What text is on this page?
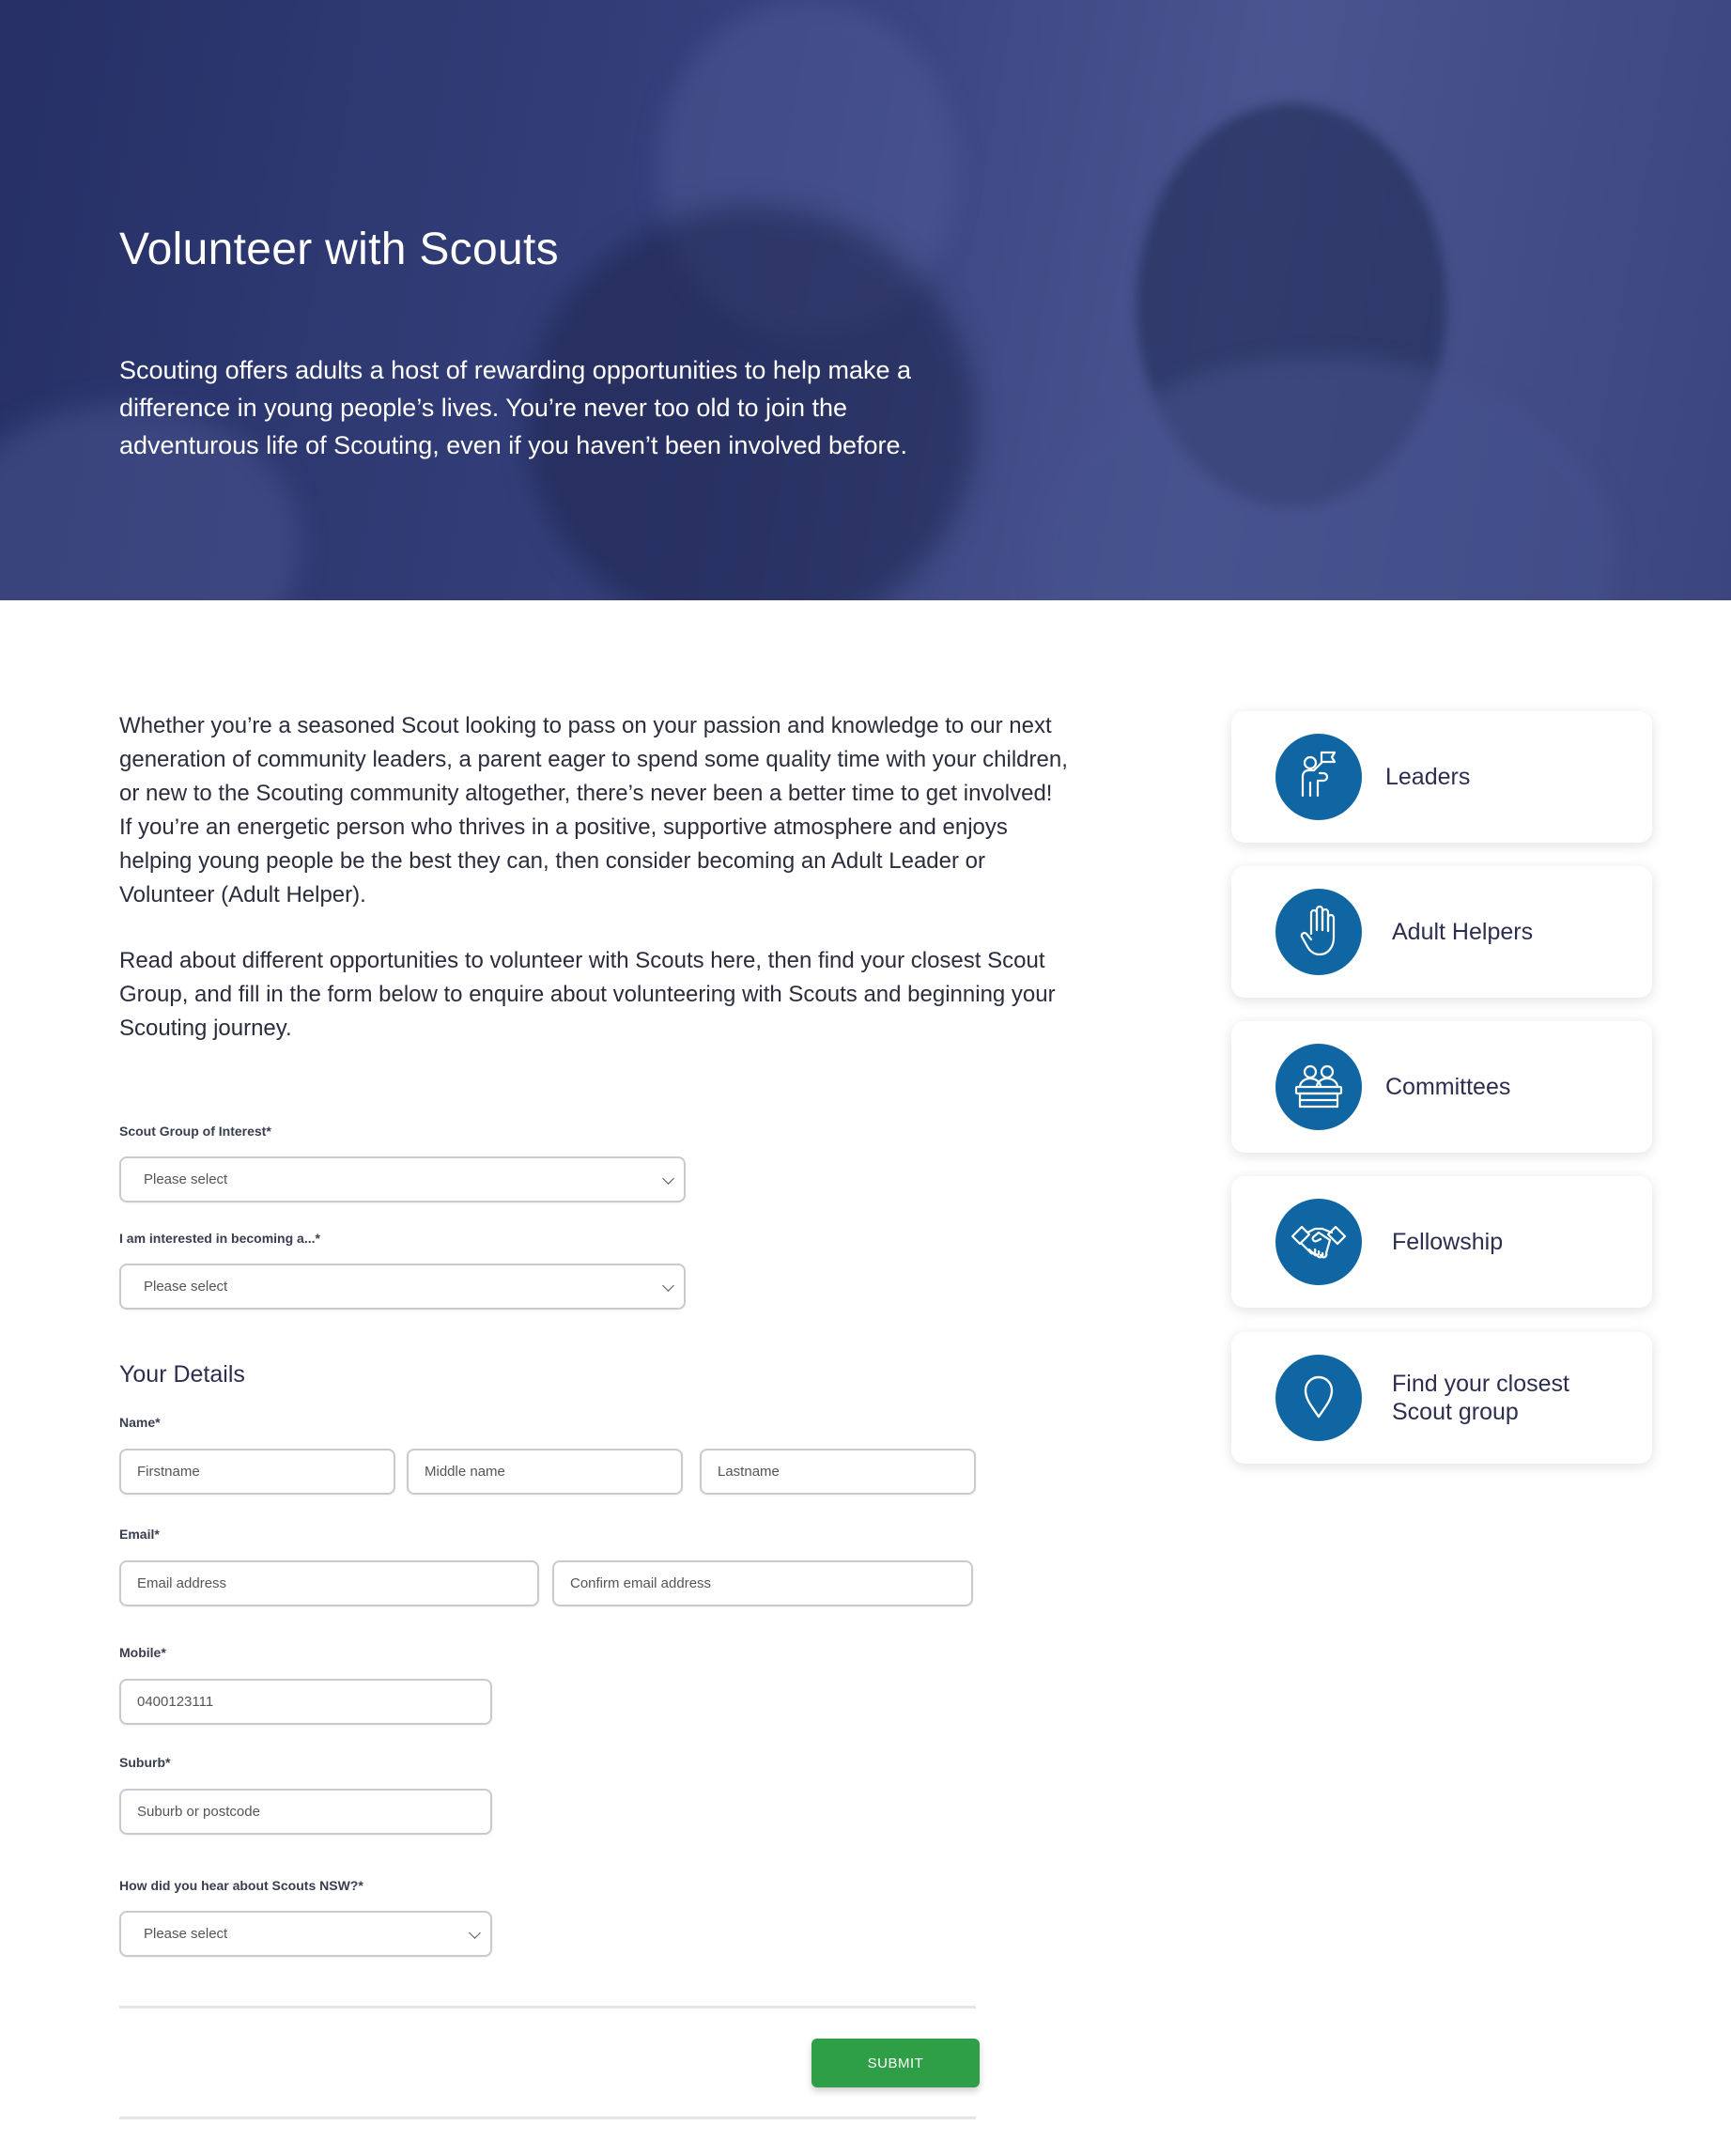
Volunteer with Scouts

Scouting offers adults a host of rewarding opportunities to help make a difference in young people’s lives. You’re never too old to join the adventurous life of Scouting, even if you haven’t been involved before.

Whether you’re a seasoned Scout looking to pass on your passion and knowledge to our next generation of community leaders, a parent eager to spend some quality time with your children, or new to the Scouting community altogether, there’s never been a better time to get involved! If you’re an energetic person who thrives in a positive, supportive atmosphere and enjoys helping young people be the best they can, then consider becoming an Adult Leader or Volunteer (Adult Helper).

Read about different opportunities to volunteer with Scouts here, then find your closest Scout Group, and fill in the form below to enquire about volunteering with Scouts and beginning your Scouting journey.

Scout Group of Interest*
Please select
I am interested in becoming a...*
Please select
Your Details
Name*
Firstname	Middle name	Lastname
Email*
Email address	Confirm email address
Mobile*
0400123111
Suburb*
Suburb or postcode
How did you hear about Scouts NSW?*
Please select
SUBMIT
Leaders
Adult Helpers
Committees
Fellowship
Find your closest Scout group
